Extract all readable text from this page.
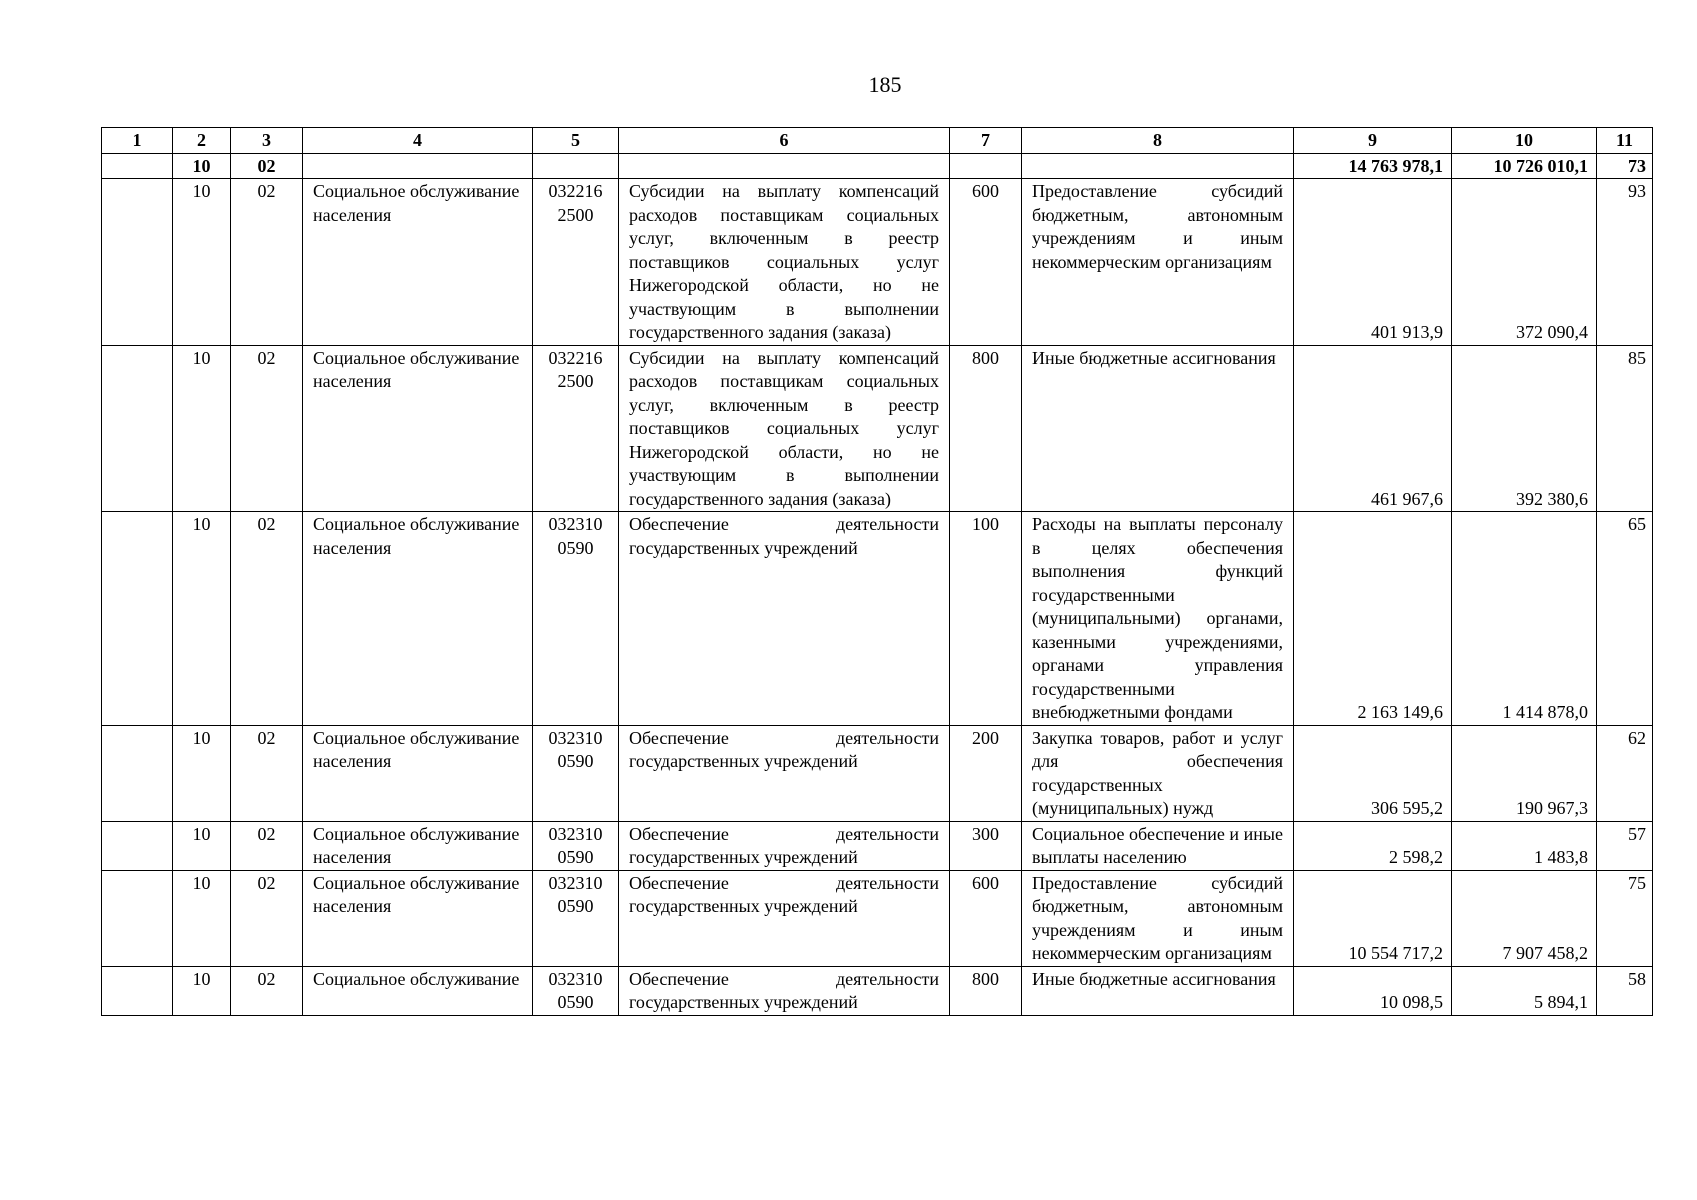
185
1	2	3	4	5	6	7	8	9	10	11
	10	02						14 763 978,1	10 726 010,1	73
	10	02	Социальное обслуживание населения	032216 2500	Субсидии на выплату компенсаций расходов поставщикам социальных услуг, включенным в реестр поставщиков социальных услуг Нижегородской области, но не участвующим в выполнении государственного задания (заказа)	600	Предоставление субсидий бюджетным, автономным учреждениям и иным некоммерческим организациям	401 913,9	372 090,4	93
	10	02	Социальное обслуживание населения	032216 2500	Субсидии на выплату компенсаций расходов поставщикам социальных услуг, включенным в реестр поставщиков социальных услуг Нижегородской области, но не участвующим в выполнении государственного задания (заказа)	800	Иные бюджетные ассигнования	461 967,6	392 380,6	85
	10	02	Социальное обслуживание населения	032310 0590	Обеспечение деятельности государственных учреждений	100	Расходы на выплаты персоналу в целях обеспечения выполнения функций государственными (муниципальными) органами, казенными учреждениями, органами управления государственными внебюджетными фондами	2 163 149,6	1 414 878,0	65
	10	02	Социальное обслуживание населения	032310 0590	Обеспечение деятельности государственных учреждений	200	Закупка товаров, работ и услуг для обеспечения государственных (муниципальных) нужд	306 595,2	190 967,3	62
	10	02	Социальное обслуживание населения	032310 0590	Обеспечение деятельности государственных учреждений	300	Социальное обеспечение и иные выплаты населению	2 598,2	1 483,8	57
	10	02	Социальное обслуживание населения	032310 0590	Обеспечение деятельности государственных учреждений	600	Предоставление субсидий бюджетным, автономным учреждениям и иным некоммерческим организациям	10 554 717,2	7 907 458,2	75
	10	02	Социальное обслуживание	032310 0590	Обеспечение деятельности государственных учреждений	800	Иные бюджетные ассигнования	10 098,5	5 894,1	58
